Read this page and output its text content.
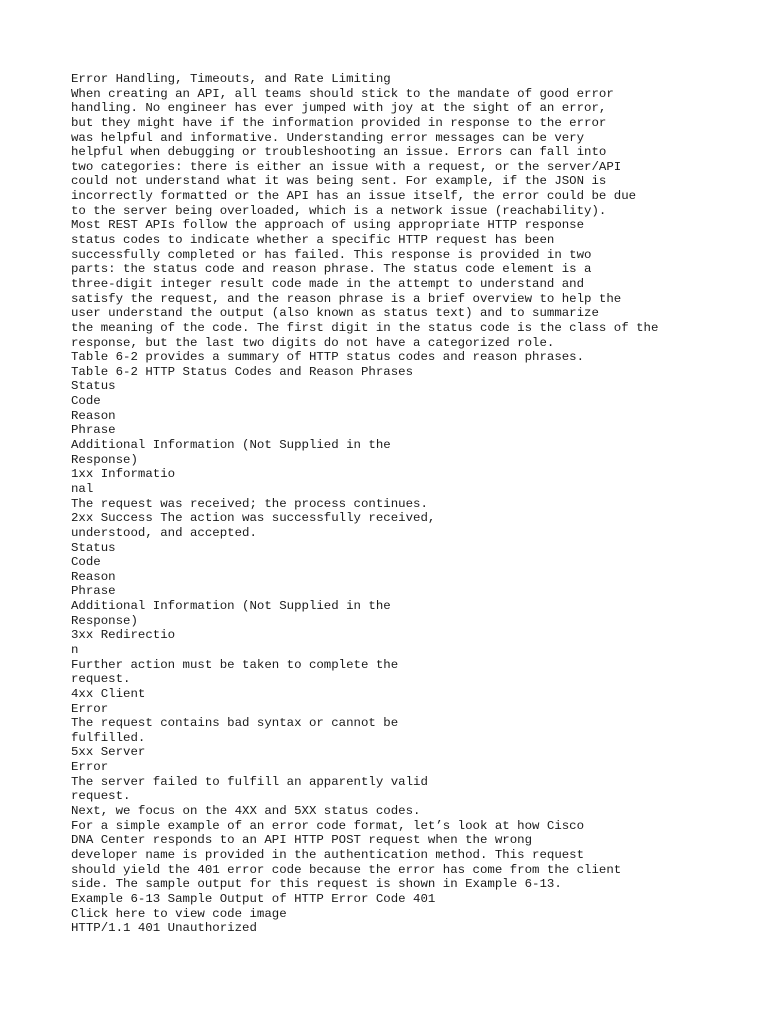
Error Handling, Timeouts, and Rate Limiting
When creating an API, all teams should stick to the mandate of good error
handling. No engineer has ever jumped with joy at the sight of an error,
but they might have if the information provided in response to the error
was helpful and informative. Understanding error messages can be very
helpful when debugging or troubleshooting an issue. Errors can fall into
two categories: there is either an issue with a request, or the server/API
could not understand what it was being sent. For example, if the JSON is
incorrectly formatted or the API has an issue itself, the error could be due
to the server being overloaded, which is a network issue (reachability).
Most REST APIs follow the approach of using appropriate HTTP response
status codes to indicate whether a specific HTTP request has been
successfully completed or has failed. This response is provided in two
parts: the status code and reason phrase. The status code element is a
three-digit integer result code made in the attempt to understand and
satisfy the request, and the reason phrase is a brief overview to help the
user understand the output (also known as status text) and to summarize
the meaning of the code. The first digit in the status code is the class of the
response, but the last two digits do not have a categorized role.
Table 6-2 provides a summary of HTTP status codes and reason phrases.
Table 6-2 HTTP Status Codes and Reason Phrases
Status
Code
Reason
Phrase
Additional Information (Not Supplied in the
Response)
1xx Informatio
nal
The request was received; the process continues.
2xx Success The action was successfully received,
understood, and accepted.
Status
Code
Reason
Phrase
Additional Information (Not Supplied in the
Response)
3xx Redirectio
n
Further action must be taken to complete the
request.
4xx Client
Error
The request contains bad syntax or cannot be
fulfilled.
5xx Server
Error
The server failed to fulfill an apparently valid
request.
Next, we focus on the 4XX and 5XX status codes.
For a simple example of an error code format, let’s look at how Cisco
DNA Center responds to an API HTTP POST request when the wrong
developer name is provided in the authentication method. This request
should yield the 401 error code because the error has come from the client
side. The sample output for this request is shown in Example 6-13.
Example 6-13 Sample Output of HTTP Error Code 401
Click here to view code image
HTTP/1.1 401 Unauthorized
